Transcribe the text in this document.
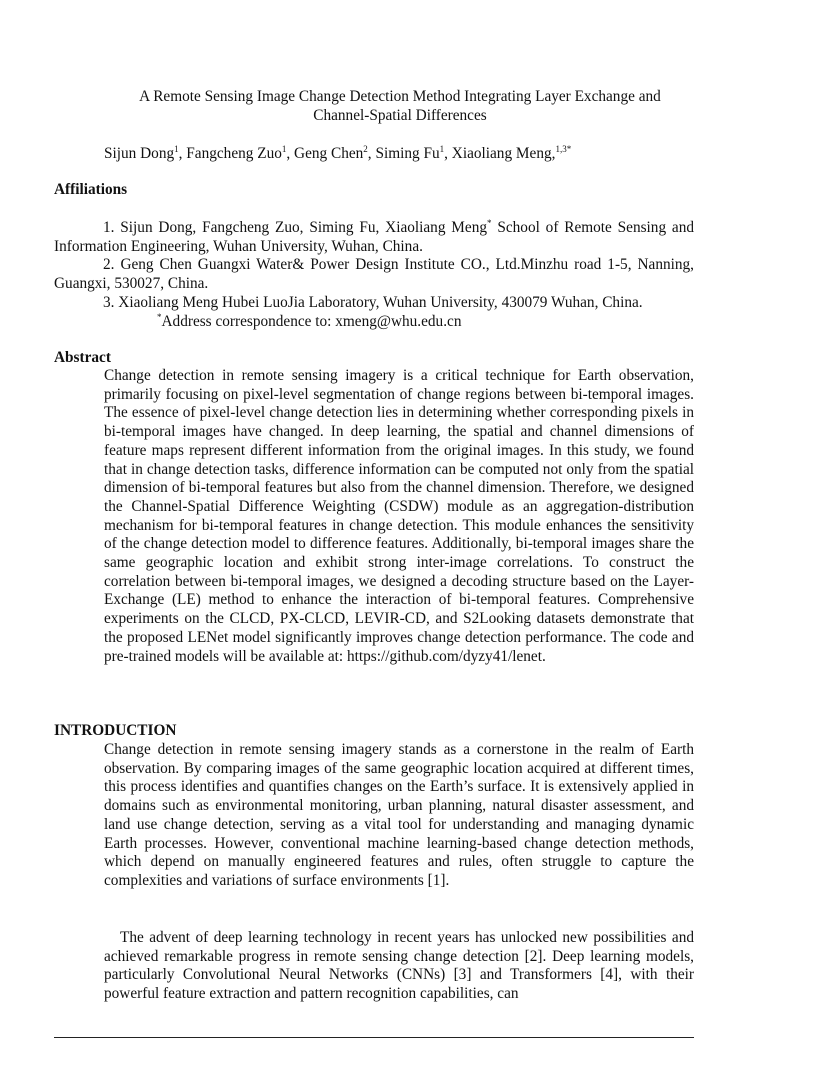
A Remote Sensing Image Change Detection Method Integrating Layer Exchange and
Channel-Spatial Differences
Sijun Dong$^1$, Fangcheng Zuo$^1$, Geng Chen$^2$, Siming Fu$^1$, Xiaoliang Meng,$^{1,3*}$
Affiliations

1. Sijun Dong, Fangcheng Zuo, Siming Fu, Xiaoliang Meng* School of Remote Sensing and Information Engineering, Wuhan University, Wuhan, China.

2. Geng Chen Guangxi Water& Power Design Institute CO., Ltd.Minzhu road 1-5, Nanning, Guangxi, 530027, China.

3. Xiaoliang Meng Hubei LuoJia Laboratory, Wuhan University, 430079 Wuhan, China.

*Address correspondence to: xmeng@whu.edu.cn

Abstract

Change detection in remote sensing imagery is a critical technique for Earth observation, primarily focusing on pixel-level segmentation of change regions between bi-temporal images. The essence of pixel-level change detection lies in determining whether corresponding pixels in bi-temporal images have changed. In deep learning, the spatial and channel dimensions of feature maps represent different information from the original images. In this study, we found that in change detection tasks, difference information can be computed not only from the spatial dimension of bi-temporal features but also from the channel dimension. Therefore, we designed the Channel-Spatial Difference Weighting (CSDW) module as an aggregation-distribution mechanism for bi-temporal features in change detection. This module enhances the sensitivity of the change detection model to difference features. Additionally, bi-temporal images share the same geographic location and exhibit strong inter-image correlations. To construct the correlation between bi-temporal images, we designed a decoding structure based on the Layer-Exchange (LE) method to enhance the interaction of bi-temporal features. Comprehensive experiments on the CLCD, PX-CLCD, LEVIR-CD, and S2Looking datasets demonstrate that the proposed LENet model significantly improves change detection performance. The code and pre-trained models will be available at: https://github.com/dyzy41/lenet.

INTRODUCTION

Change detection in remote sensing imagery stands as a cornerstone in the realm of Earth observation. By comparing images of the same geographic location acquired at different times, this process identifies and quantifies changes on the Earth’s surface. It is extensively applied in domains such as environmental monitoring, urban planning, natural disaster assessment, and land use change detection, serving as a vital tool for understanding and managing dynamic Earth processes. However, conventional machine learning-based change detection methods, which depend on manually engineered features and rules, often struggle to capture the complexities and variations of surface environments [1].

The advent of deep learning technology in recent years has unlocked new possibilities and achieved remarkable progress in remote sensing change detection [2]. Deep learning models, particularly Convolutional Neural Networks (CNNs) [3] and Transformers [4], with their powerful feature extraction and pattern recognition capabilities, can
